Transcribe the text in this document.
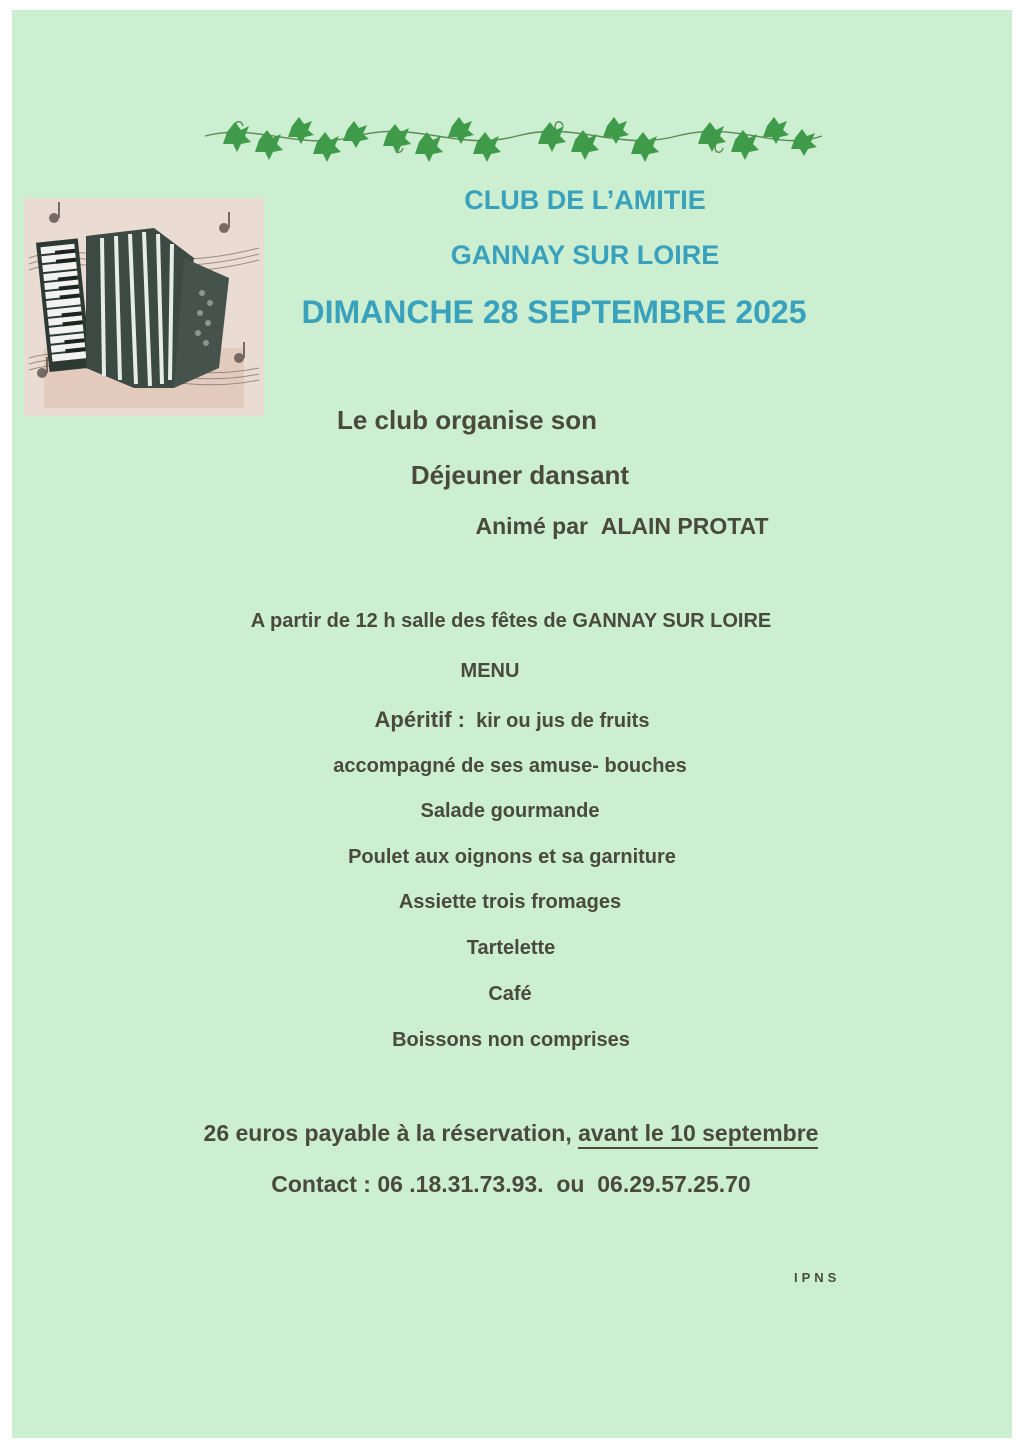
CLUB DE L’AMITIE
GANNAY SUR LOIRE
DIMANCHE 28 SEPTEMBRE 2025
Le club organise son
Déjeuner dansant
Animé par ALAIN PROTAT
A partir de 12 h salle des fêtes de GANNAY SUR LOIRE
MENU
Apéritif : kir ou jus de fruits
accompagné de ses amuse- bouches
Salade gourmande
Poulet aux oignons et sa garniture
Assiette trois fromages
Tartelette
Café
Boissons non comprises
26 euros payable à la réservation, avant le 10 septembre
Contact : 06 .18.31.73.93. ou 06.29.57.25.70
IPNS
